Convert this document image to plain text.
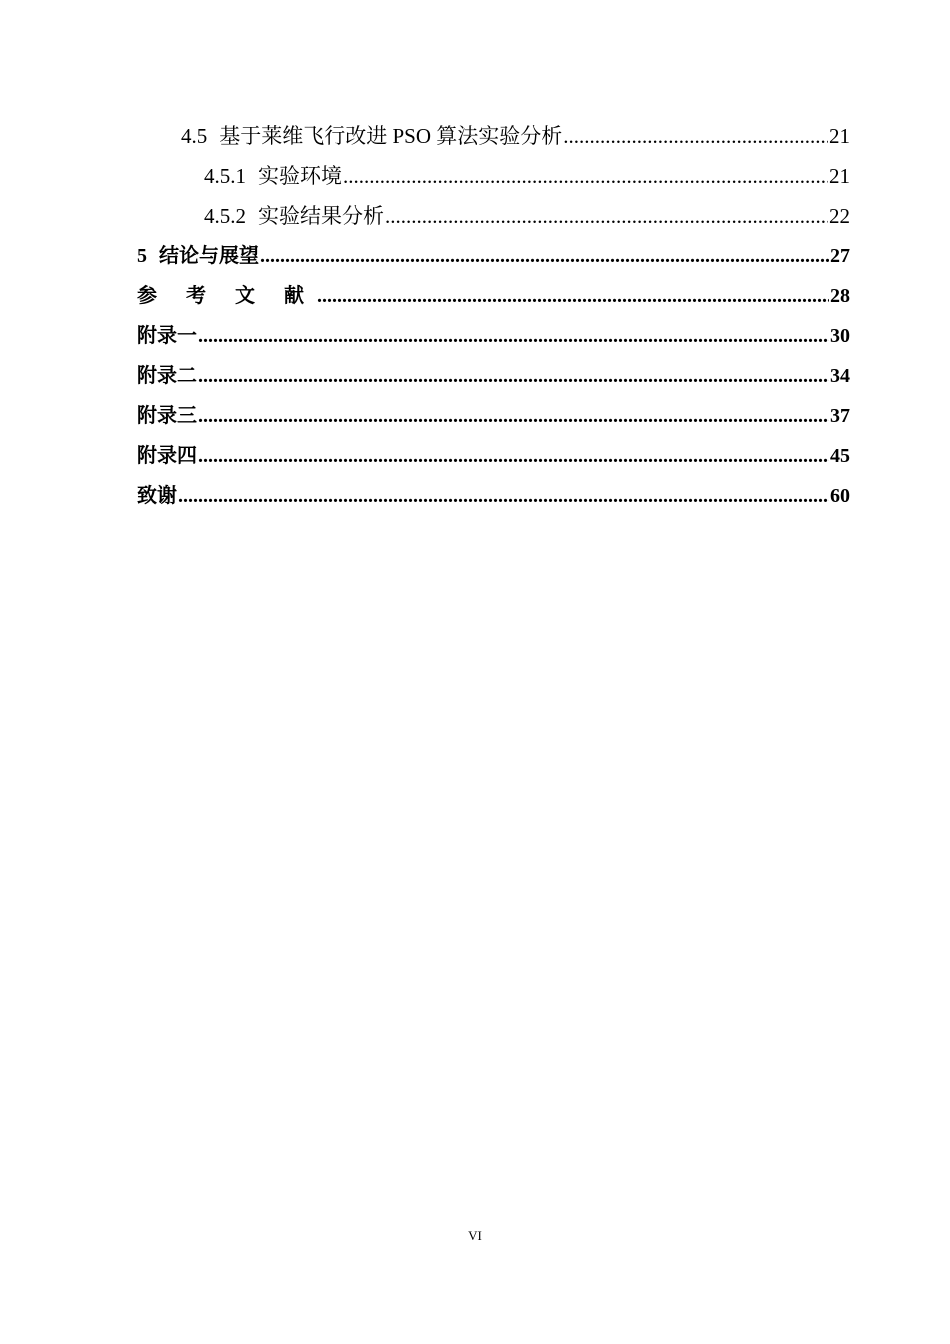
4.5 基于莱维飞行改进 PSO 算法实验分析 .....	21
4.5.1 实验环境 .....	21
4.5.2 实验结果分析 .....	22
5 结论与展望 .....	27
参 考 文 献 .....	28
附录一 .....	30
附录二 .....	34
附录三 .....	37
附录四 .....	45
致谢 .....	60
VI
